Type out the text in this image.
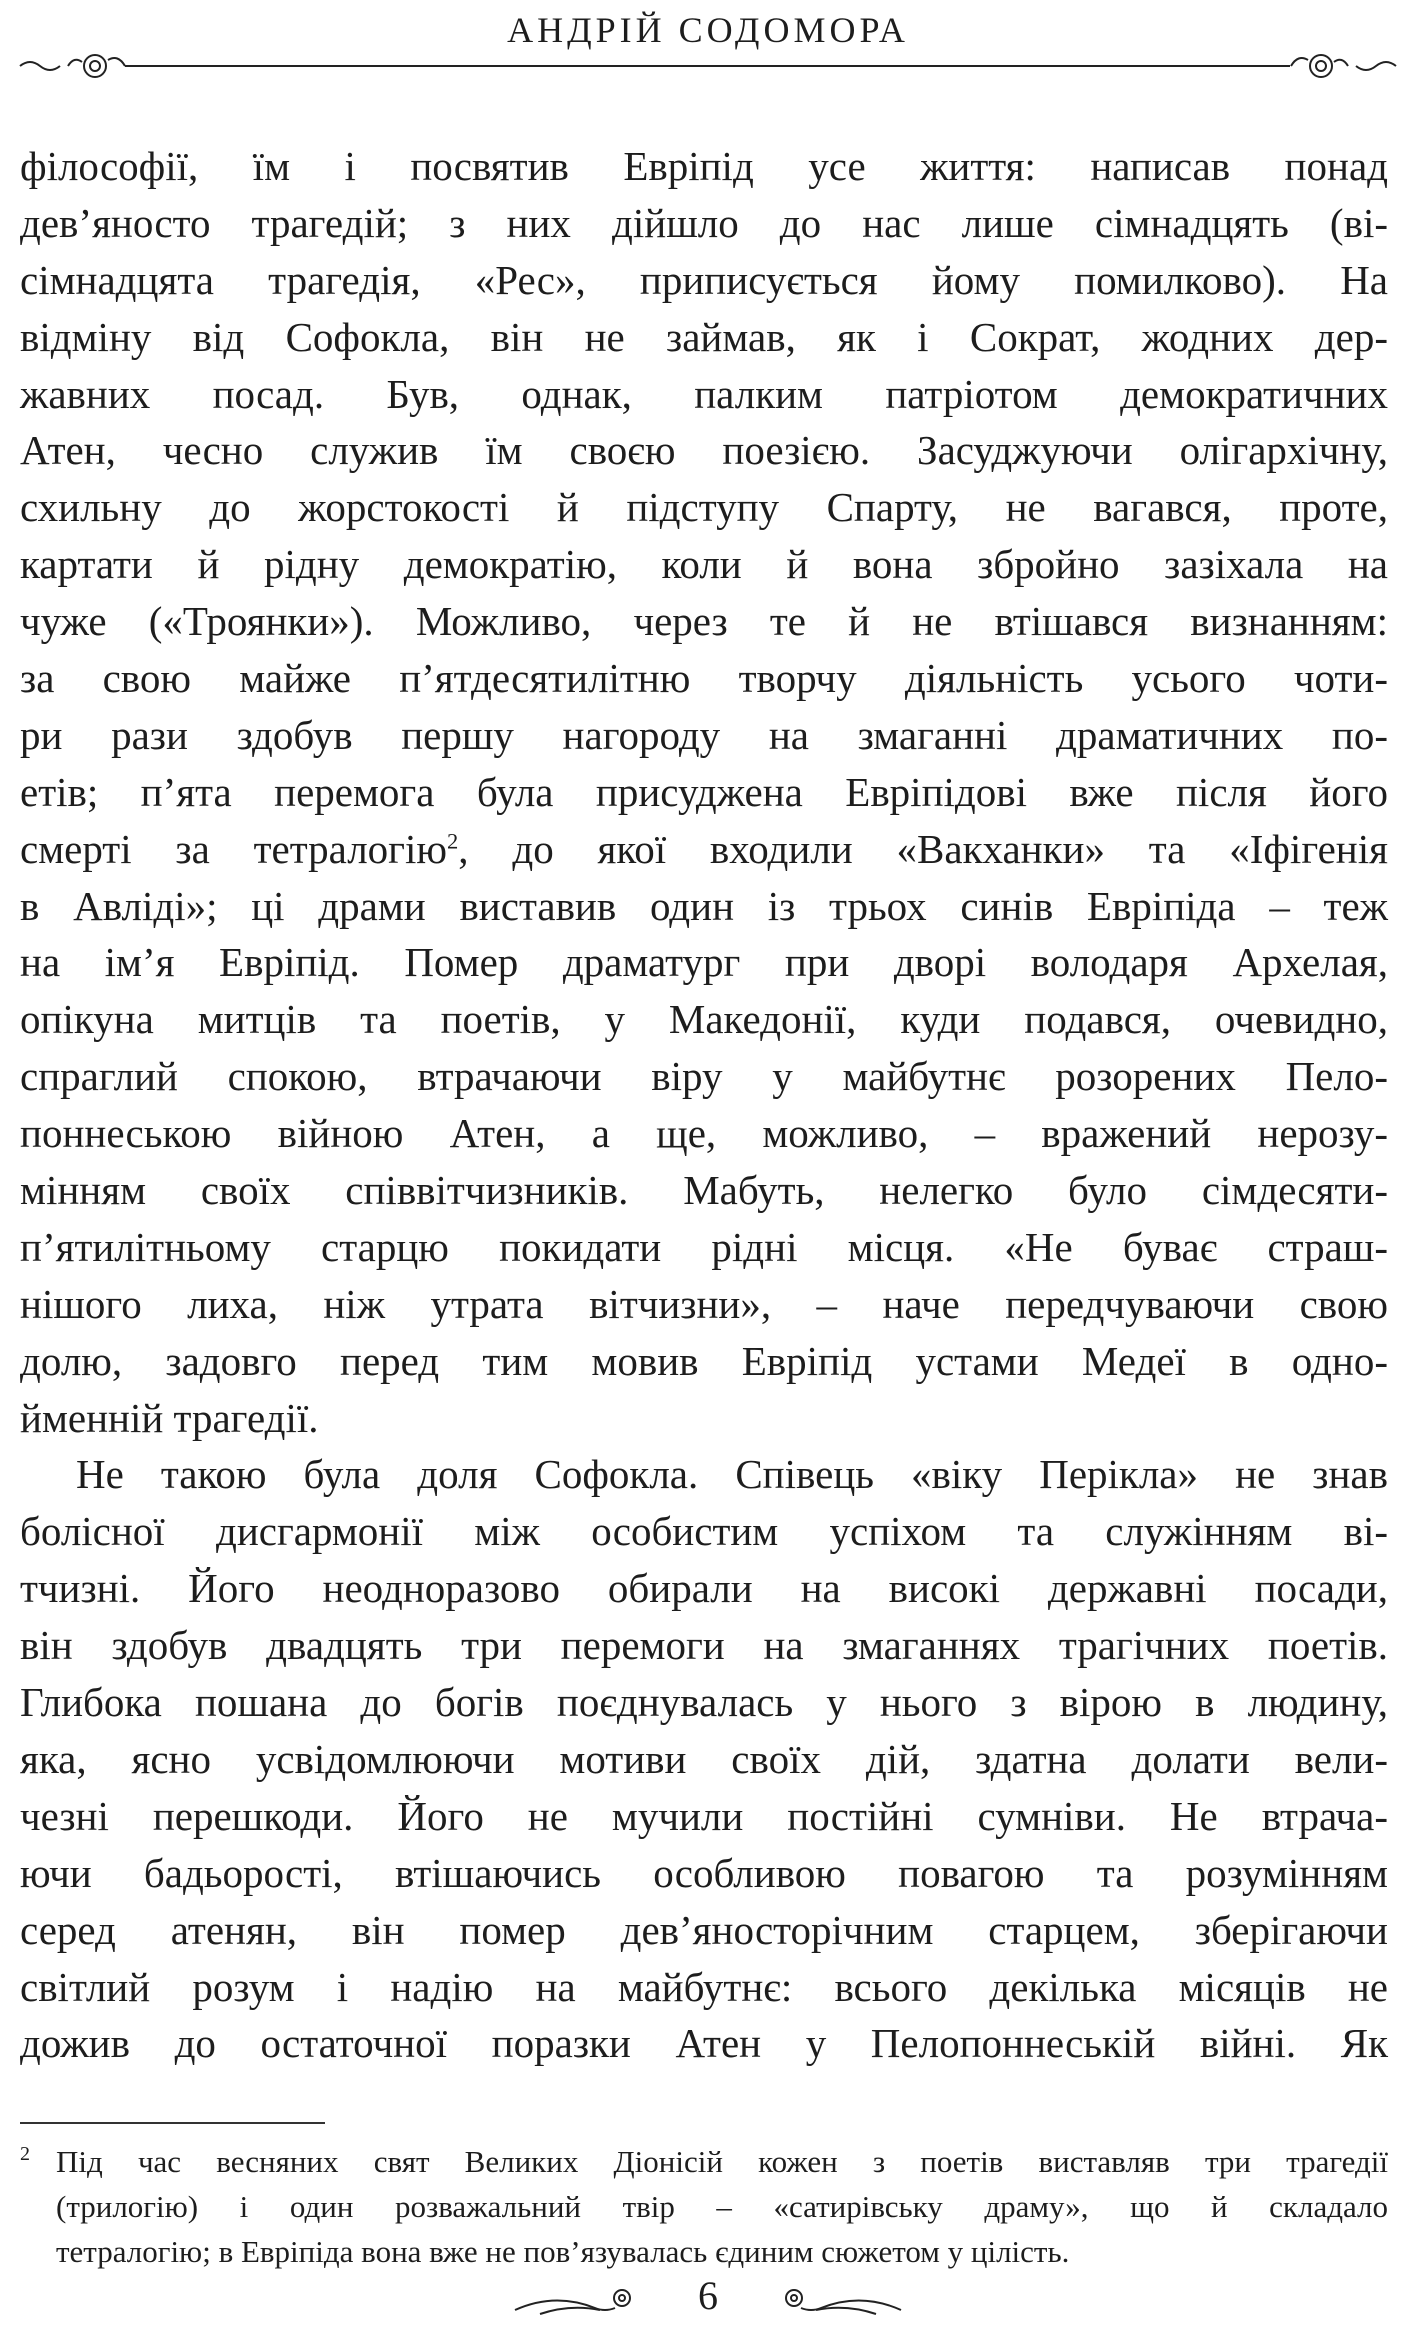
АНДРІЙ СОДОМОРА
філософії, їм і посвятив Евріпід усе життя: написав понад
дев’яносто трагедій; з них дійшло до нас лише сімнадцять (ві-
сімнадцята трагедія, «Рес», приписується йому помилково). На
відміну від Софокла, він не займав, як і Сократ, жодних дер-
жавних посад. Був, однак, палким патріотом демократичних
Атен, чесно служив їм своєю поезією. Засуджуючи олігархічну,
схильну до жорстокості й підступу Спарту, не вагався, проте,
картати й рідну демократію, коли й вона збройно зазіхала на
чуже («Троянки»). Можливо, через те й не втішався визнанням:
за свою майже п’ятдесятилітню творчу діяльність усього чоти-
ри рази здобув першу нагороду на змаганні драматичних по-
етів; п’ята перемога була присуджена Евріпідові вже після його
смерті за тетралогію$^2$, до якої входили «Вакханки» та «Іфігенія
в Авліді»; ці драми виставив один із трьох синів Евріпіда – теж
на ім’я Евріпід. Помер драматург при дворі володаря Архелая,
опікуна митців та поетів, у Македонії, куди подався, очевидно,
спраглий спокою, втрачаючи віру у майбутнє розорених Пело-
поннеською війною Атен, а ще, можливо, – вражений нерозу-
мінням своїх співвітчизників. Мабуть, нелегко було сімдесяти-
п’ятилітньому старцю покидати рідні місця. «Не буває страш-
нішого лиха, ніж утрата вітчизни», – наче передчуваючи свою
долю, задовго перед тим мовив Евріпід устами Медеї в одно-
йменній трагедії.
Не такою була доля Софокла. Співець «віку Перікла» не знав
болісної дисгармонії між особистим успіхом та служінням ві-
тчизні. Його неодноразово обирали на високі державні посади,
він здобув двадцять три перемоги на змаганнях трагічних поетів.
Глибока пошана до богів поєднувалась у нього з вірою в людину,
яка, ясно усвідомлюючи мотиви своїх дій, здатна долати вели-
чезні перешкоди. Його не мучили постійні сумніви. Не втрача-
ючи бадьорості, втішаючись особливою повагою та розумінням
серед атенян, він помер дев’яносторічним старцем, зберігаючи
світлий розум і надію на майбутнє: всього декілька місяців не
дожив до остаточної поразки Атен у Пелопоннеській війні. Як
2 Під час весняних свят Великих Діонісій кожен з поетів виставляв три трагедії
(трилогію) і один розважальний твір – «сатирівську драму», що й складало
тетралогію; в Евріпіда вона вже не пов’язувалась єдиним сюжетом у цілість.
6
